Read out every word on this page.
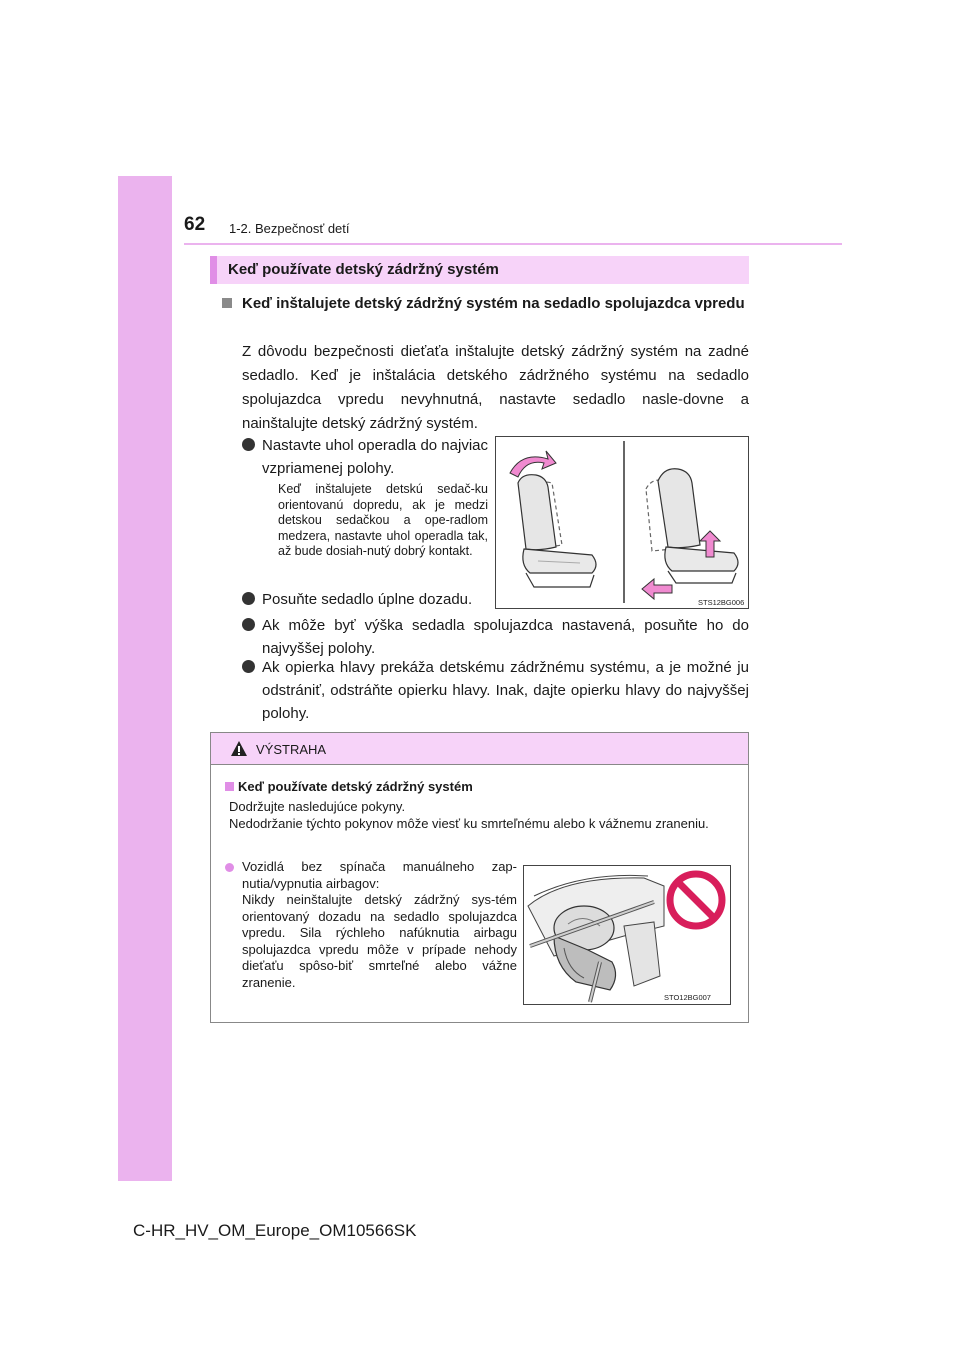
62 1-2. Bezpečnosť detí
Keď používate detský zádržný systém
Keď inštalujete detský zádržný systém na sedadlo spolujazdca vpredu
Z dôvodu bezpečnosti dieťaťa inštalujte detský zádržný systém na zadné sedadlo. Keď je inštalácia detského zádržného systému na sedadlo spolujazdca vpredu nevyhnutná, nastavte sedadlo nasle-dovne a nainštalujte detský zádržný systém.
Nastavte uhol operadla do najviac vzpriamenej polohy.
Keď inštalujete detskú sedač-ku orientovanú dopredu, ak je medzi detskou sedačkou a ope-radlom medzera, nastavte uhol operadla tak, až bude dosiah-nutý dobrý kontakt.
Posuňte sedadlo úplne dozadu.
Ak môže byť výška sedadla spolujazdca nastavená, posuňte ho do najvyššej polohy.
Ak opierka hlavy prekáža detskému zádržnému systému, a je možné ju odstrániť, odstráňte opierku hlavy. Inak, dajte opierku hlavy do najvyššej polohy.
STS12BG006
VÝSTRAHA
Keď používate detský zádržný systém
Dodržujte nasledujúce pokyny.
Nedodržanie týchto pokynov môže viesť ku smrteľnému alebo k vážnemu zraneniu.
Vozidlá bez spínača manuálneho zap-nutia/vypnutia airbagov:
Nikdy neinštalujte detský zádržný sys-tém orientovaný dozadu na sedadlo spolujazdca vpredu. Sila rýchleho nafúknutia airbagu spolujazdca vpredu môže v prípade nehody dieťaťu spôso-biť smrteľné alebo vážne zranenie.
STO12BG007
C-HR_HV_OM_Europe_OM10566SK
